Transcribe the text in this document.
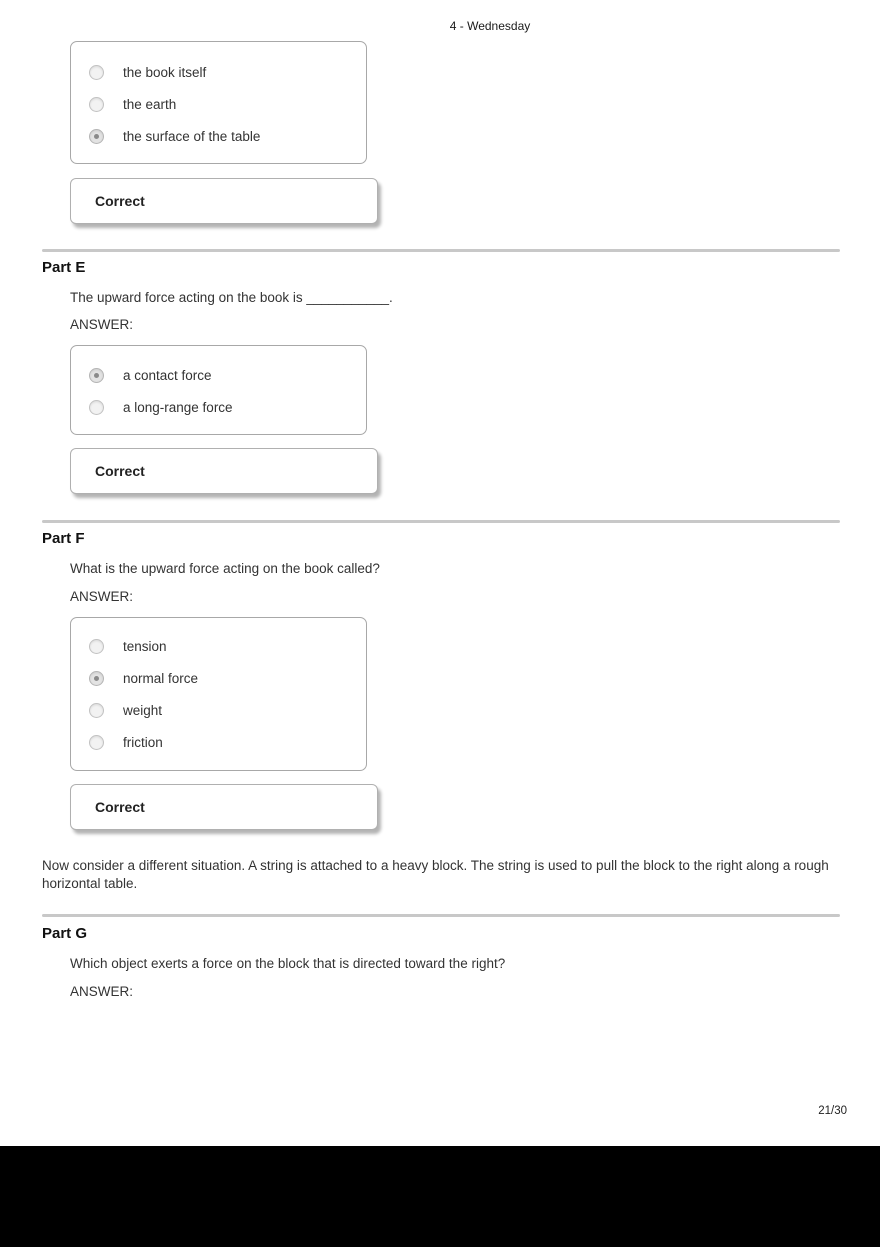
4 - Wednesday
the book itself
the earth
the surface of the table
Correct
Part E
The upward force acting on the book is ___________.
ANSWER:
a contact force
a long-range force
Correct
Part F
What is the upward force acting on the book called?
ANSWER:
tension
normal force
weight
friction
Correct
Now consider a different situation. A string is attached to a heavy block. The string is used to pull the block to the right along a rough horizontal table.
Part G
Which object exerts a force on the block that is directed toward the right?
ANSWER:
21/30
